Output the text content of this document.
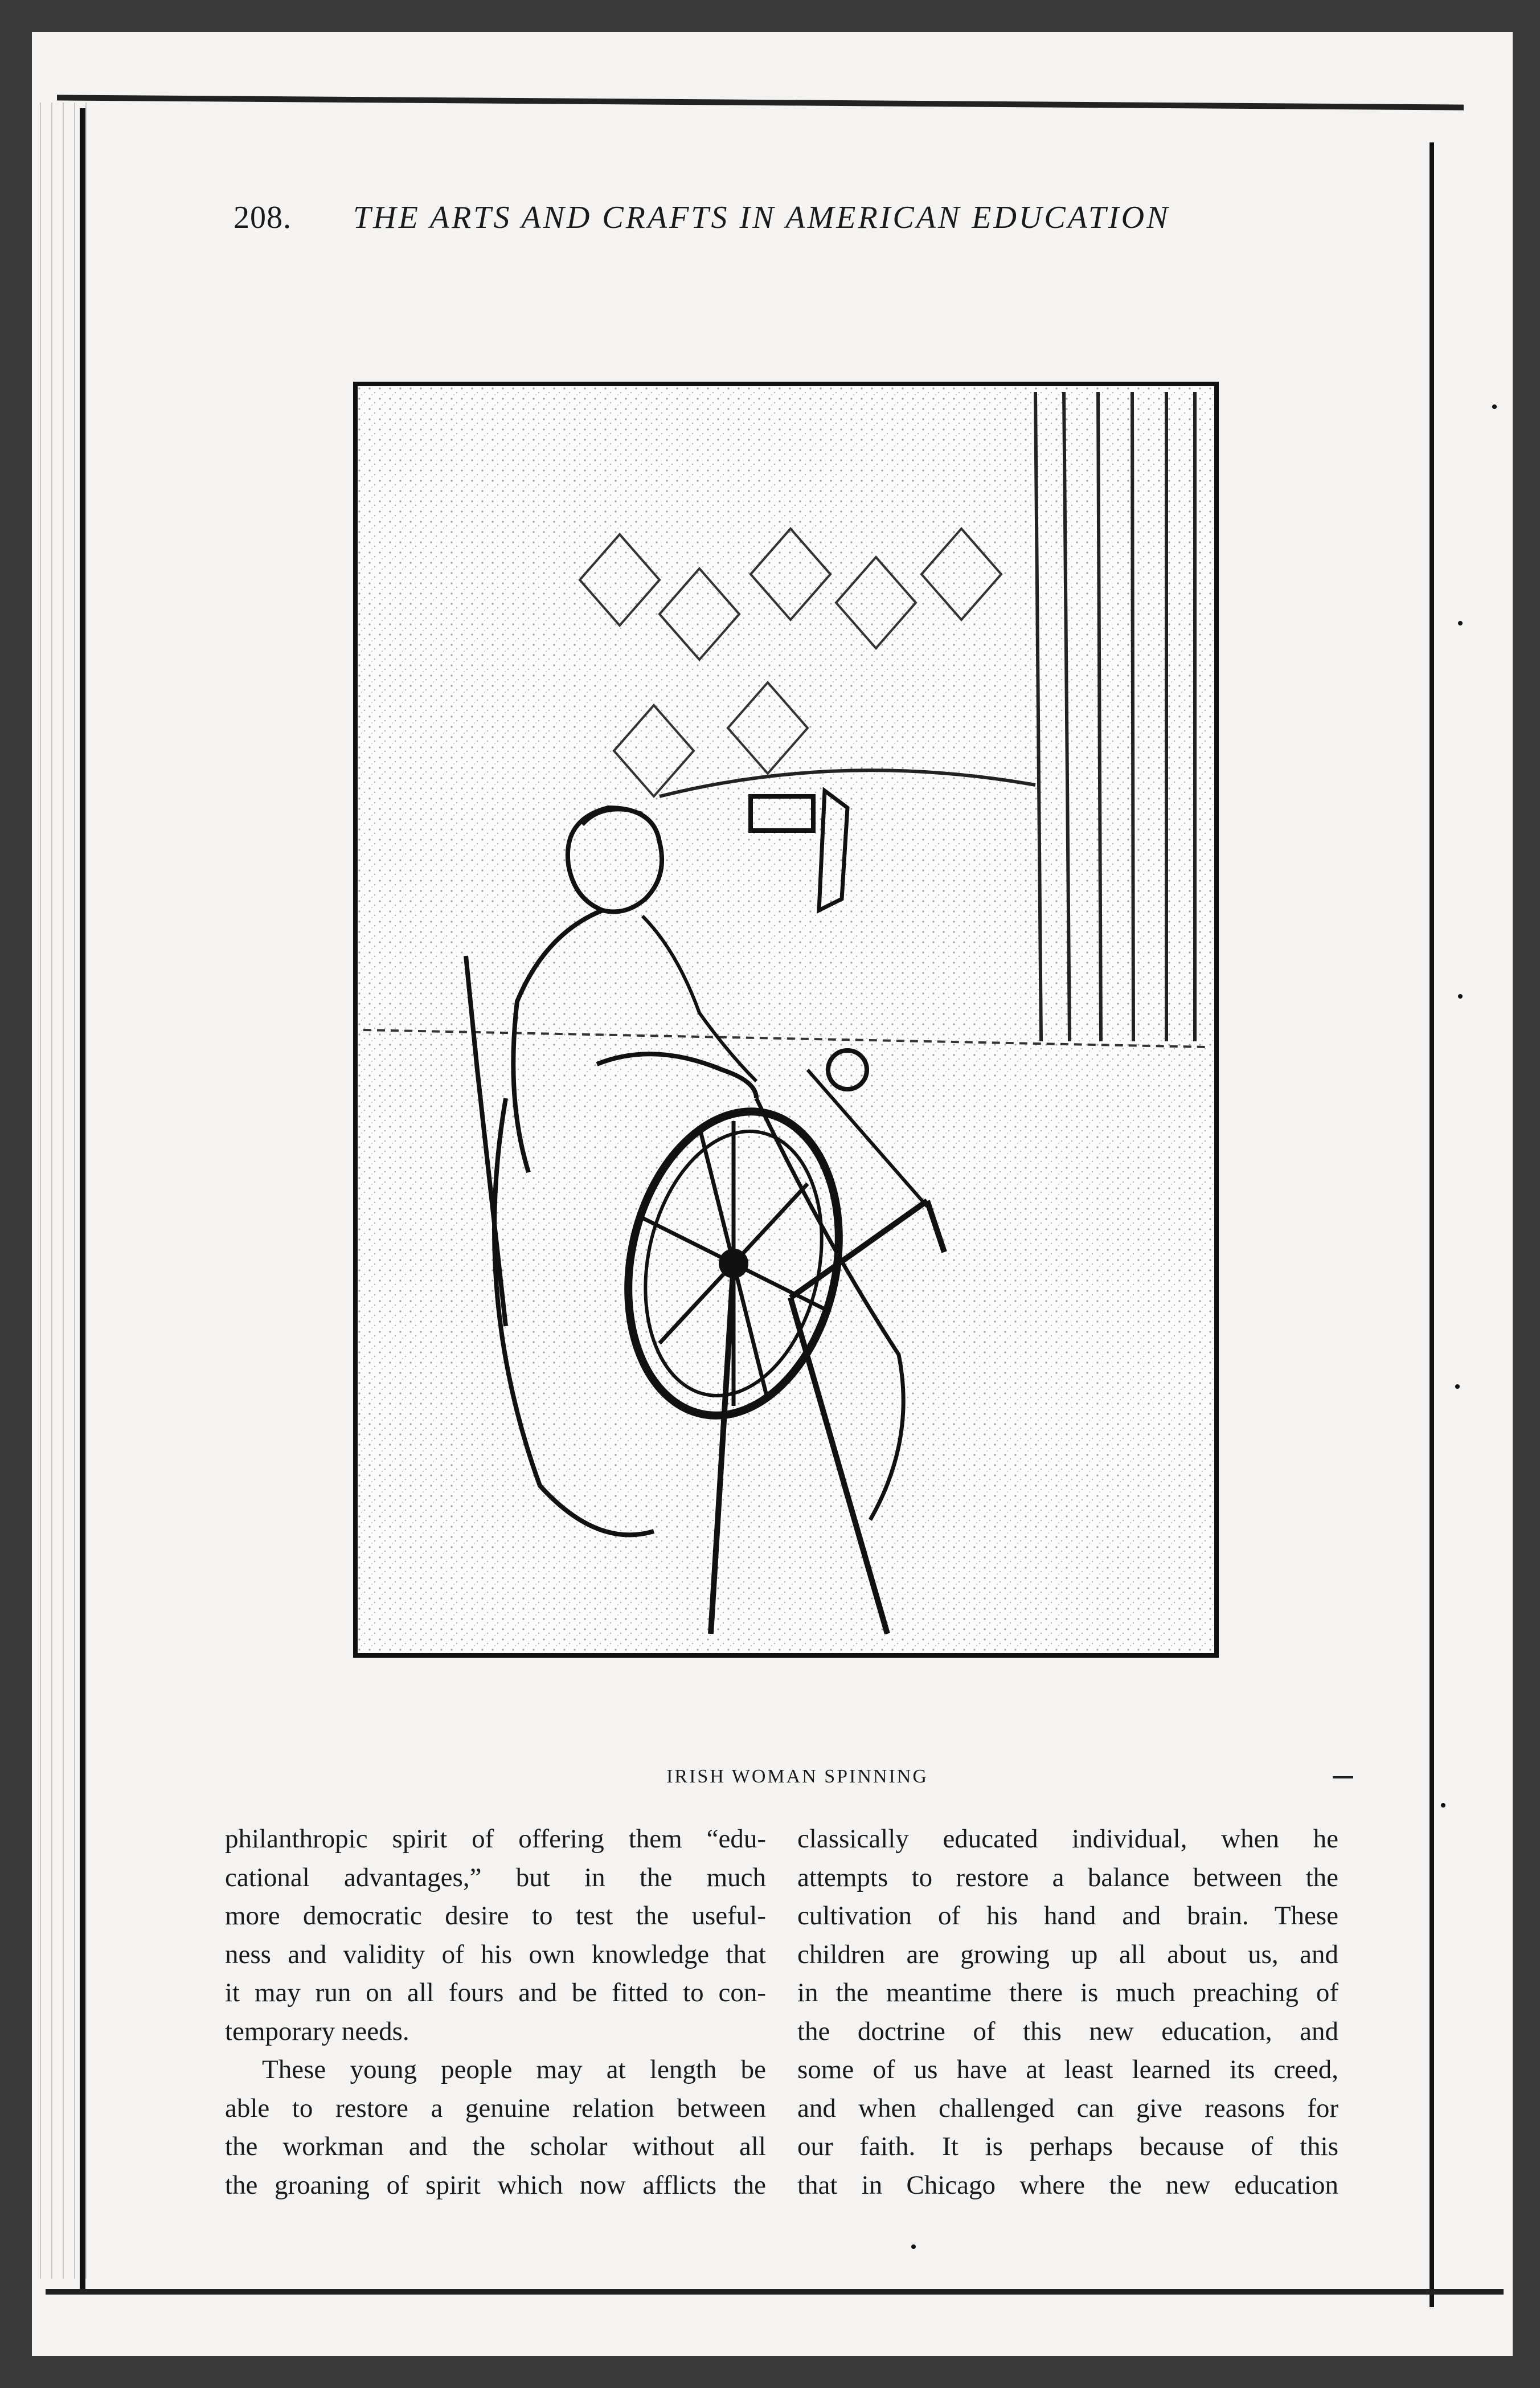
208. THE ARTS AND CRAFTS IN AMERICAN EDUCATION
IRISH WOMAN SPINNING
philanthropic spirit of offering them “edu-
cational advantages,” but in the much
more democratic desire to test the useful-
ness and validity of his own knowledge that
it may run on all fours and be fitted to con-
temporary needs.
These young people may at length be
able to restore a genuine relation between
the workman and the scholar without all
the groaning of spirit which now afflicts the
classically educated individual, when he
attempts to restore a balance between the
cultivation of his hand and brain. These
children are growing up all about us, and
in the meantime there is much preaching of
the doctrine of this new education, and
some of us have at least learned its creed,
and when challenged can give reasons for
our faith. It is perhaps because of this
that in Chicago where the new education
